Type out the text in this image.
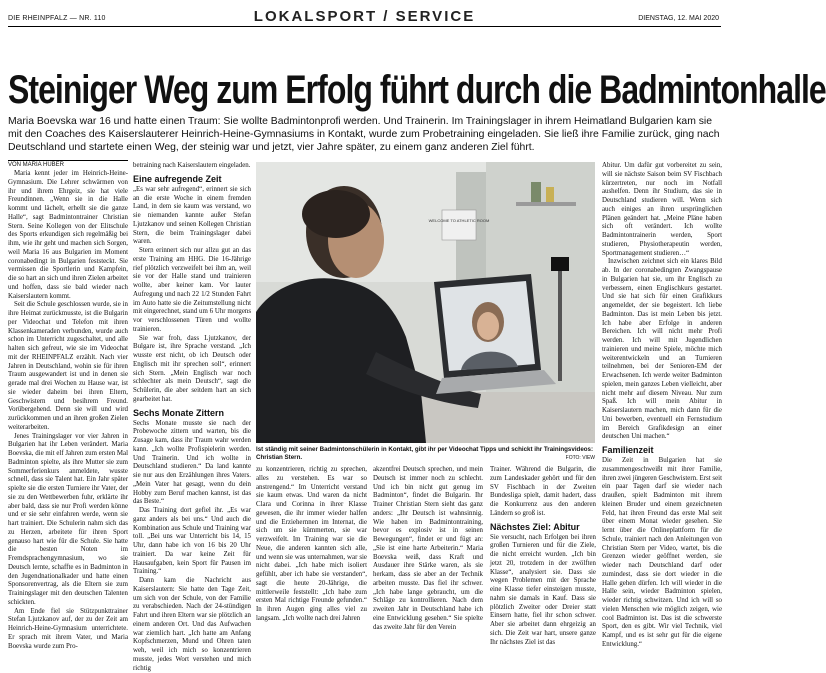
DIE RHEINPFALZ — NR. 110	LOKALSPORT / SERVICE	DIENSTAG, 12. MAI 2020
Steiniger Weg zum Erfolg führt durch die Badmintonhalle
Maria Boevska war 16 und hatte einen Traum: Sie wollte Badmintonprofi werden. Und Trainerin. Im Trainingslager in ihrem Heimatland Bulgarien kam sie mit den Coaches des Kaiserslauterer Heinrich-Heine-Gymnasiums in Kontakt, wurde zum Probetraining eingeladen. Sie ließ ihre Familie zurück, ging nach Deutschland und startete einen Weg, der steinig war und jetzt, vier Jahre später, zu einem ganz anderen Ziel führt.
VON MARIA HUBER

Maria kennt jeder im Heinrich-Heine-Gymnasium. Die Lehrer schwärmen von ihr und ihrem Ehrgeiz, sie hat viele Freundinnen. „Wenn sie in die Halle kommt und lächelt, erhellt sie die ganze Halle“, sagt Badmintontrainer Christian Stern. Seine Kollegen von der Elitschule des Sports erkundigen sich regelmäßig bei ihm, wie ihr geht und machen sich Sorgen, weil Maria 16 aus Bulgarien im Moment coronabedingt in Bulgarien feststeckt. Sie vermissen die Sportlerin und Kampfein, die so hart an sich und ihren Zielen arbeitet und hoffen, dass sie bald wieder nach Kaiserslautern kommt.

Seit die Schule geschlossen wurde, sie in ihre Heimat zurückmusste, ist die Bulgarin per Videochat und Telefon mit ihren Klassenkameraden verbunden, wurde auch schon im Unterricht zugeschaltet, und alle halten sich gefreut, wie sie im Videochat mit der RHEINPFALZ erzählt. Nach vier Jahren in Deutschland, wohin sie für ihren Traum ausgewandert ist und in denen sie gerade mal drei Wochen zu Hause war, ist sie wieder daheim bei ihren Eltern, Geschwistern und besihrem Freund. Vorübergehend. Denn sie will und wird zurückkommen und an ihren großen Zielen weiterarbeiten.

Jenes Trainingslager vor vier Jahren in Bulgarien hat ihr Leben verändert. Maria Boevska, die mit elf Jahren zum ersten Mal Badminton spielte, als ihre Mutter sie zum Sommerferienkurs anmeldete, wusste schnell, dass sie Talent hat. Ein Jahr später spielte sie die ersten Turniere ihr Vater, der sie zu den Wettbewerben fuhr, erklärte ihr aber bald, dass sie nur Profi werden könne und er sie sehr einfahren werde, wenn sie hart trainiert. Die Schulerin nahm sich das zu Herzen, arbeitete für ihren Sport genauso hart wie für die Schule. Sie hatte die besten Noten im Fremdsprachengymnasium, wo sie Deutsch lernte, schaffte es in Badminton in den Jugendnationalkader und hatte einen Sponsorenvertrag, als die Eltern sie zum Trainingslager mit den deutschen Talenten schickten.

Am Ende fiel sie Stützpunkttrainer Stefan Ljutzkanov auf, der zu der Zeit am Heinrich-Heine-Gymnasium unterrichtete. Er sprach mit ihrem Vater, und Maria Boevska wurde zum Pro-

betraining nach Kaiserslautern eingeladen.

Eine aufregende Zeit

„Es war sehr aufregend“, erinnert sie sich an die erste Woche in einem fremden Land, in dem sie kaum was verstand, wo sie niemanden kannte außer Stefan Ljutzkanov und seinen Kollegen Christian Stern, die beim Trainingslager dabei waren.

Stern erinnert sich nur allzu gut an das erste Training am HHG. Die 16-Jährige rief plötzlich verzweifelt bei ihm an, weil sie vor der Halle stand und trainieren wollte, aber keiner kam. Vor lauter Aufregung und nach 22 1/2 Stunden Fahrt im Auto hatte sie die Zeitumstellung nicht mit eingerechnet, stand um 6 Uhr morgens vor verschlossenen Türen und wollte trainieren.

Sie war froh, dass Ljutzkanov, der Bulgare ist, ihre Sprache verstand. „Ich wusste erst nicht, ob ich Deutsch oder Englisch mit ihr sprechen soll“, erinnert sich Stern. „Mein Englisch war noch schlechter als mein Deutsch“, sagt die Schülerin, die aber seitdem hart an sich gearbeitet hat.

Sechs Monate Zittern

Sechs Monate musste sie nach der Probewoche zittern und warten, bis die Zusage kam, dass ihr Traum wahr werden kann. „Ich wollte Profispielerin werden. Und Trainerin. Und ich wollte in Deutschland studieren.“ Da land kannte sie nur aus den Erzählungen ihres Vaters. „Mein Vater hat gesagt, wenn du dein Hobby zum Beruf machen kannst, ist das das Beste.“

Das Training dort gefiel ihr. „Es war ganz anders als bei uns.“ Und auch die Kombination aus Schule und Training war toll. „Bei uns war Unterricht bis 14, 15 Uhr, dann habe ich von 16 bis 20 Uhr trainiert. Da war keine Zeit für Hausaufgaben, kein Sport für Pausen im Training.“

Dann kam die Nachricht aus Kaiserslautern: Sie hatte den Tage Zeit, um sich von der Schule, von der Familie zu verabschieden. Nach der 24-stündigen Fahrt und ihren Eltern war sie plötzlich an einem anderen Ort. Und das Aufwachen war ziemlich hart. „Ich hatte am Anfang Kopfschmerzen, Mund und Ohren taten weh, weil ich mich so konzentrieren musste, jedes Wort verstehen und mich richtig

WELCOME TO ATHLETIC ROOM
Ist ständig mit seiner Badmintonschülerin in Kontakt, gibt ihr per Videochat Tipps und schickt ihr Trainingsvideos: Christian Stern.	FOTO: VIEW

zu konzentrieren, richtig zu sprechen, alles zu verstehen. Es war so anstrengend.“ Im Unterricht verstand sie kaum etwas. Und waren da nicht Clara und Corinna in ihrer Klasse gewesen, die ihr immer wieder halfen und die Erziehernnen im Internat, die sich um sie kümmerten, sie war verzweifelt. Im Training war sie die Neue, die anderen kannten sich alle, und wenn sie was unternahmen, war sie nicht dabei. „Ich habe mich isoliert gefühlt, aber ich habe sie verstanden“, sagt die heute 20-Jährige, die mittlerweile feststellt: „Ich habe zum ersten Mal richtige Freunde gefunden.“ In ihren Augen ging alles viel zu langsam. „Ich wollte nach drei Jahren

akzentfrei Deutsch sprechen, und mein Deutsch ist immer noch zu schlecht. Und ich bin nicht gut genug im Badminton“, findet die Bulgarin. Ihr Trainer Christian Stern sieht das ganz anders: „Ihr Deutsch ist wahnsinnig. Wie haben im Badmintontraining, bevor es explosiv ist in seinen Bewegungen“, findet er und fügt an: „Sie ist eine harte Arbeiterin.“ Maria Boevska weiß, dass Kraft und Ausdauer ihre Stärke waren, als sie herkam, dass sie aber an der Technik arbeiten musste. Das fiel ihr schwer. „Ich habe lange gebraucht, um die Schläge zu kontrollieren. Nach dem zweiten Jahr in Deutschland habe ich eine Entwicklung gesehen.“ Sie spielte das zweite Jahr für den Verein

Trainer. Während die Bulgarin, die zum Landeskader gehört und für den SV Fischbach in der Zweiten Bundesliga spielt, damit hadert, dass die Konkurrenz aus den anderen Ländern so groß ist.

Nächstes Ziel: Abitur

Sie versucht, nach Erfolgen bei ihren großen Turnieren und für die Ziele, die nicht erreicht wurden. „Ich bin jetzt 20, trotzdem in der zwölften Klasse“, analysiert sie. Dass sie wegen Problemen mit der Sprache eine Klasse tiefer einsteigen musste, nahm sie damals in Kauf. Dass sie plötzlich Zweiter oder Dreier statt Einsern hatte, fiel ihr schon schwer. Aber sie arbeitet dann ehrgeizig an sich. Die Zeit war hart, unsere ganze Ihr nächstes Ziel ist das

Abitur. Um dafür gut vorbereitet zu sein, will sie nächste Saison beim SV Fischbach kürzertreten, nur noch im Notfall aushelfen. Denn ihr Studium, das sie in Deutschland studieren will. Wenn sich auch einiges an ihren ursprünglichen Plänen geändert hat. „Meine Pläne haben sich oft verändert. Ich wollte Badmintontrainerin werden, Sport studieren, Physiotherapeutin werden, Sportmanagement studieren…“

Inzwischen zeichnet sich ein klares Bild ab. In der coronabedingten Zwangspause in Bulgarien hat sie, um ihr Englisch zu verbessern, einen Englischkurs gestartet. Und sie hat sich für einen Grafikkurs angemeldet, der sie begeistert. Ich liebe Badminton. Das ist mein Leben bis jetzt. Ich habe aber Erfolge in anderen Bereichen. Ich will nicht mehr Profi werden. Ich will mit Jugendlichen trainieren und meine Spiele, möchte mich weiterentwickeln und an Turnieren teilnehmen, bei der Senioren-EM der Erwachsenen. Ich werde weiter Badminton spielen, mein ganzes Leben vielleicht, aber nicht mehr auf diesem Niveau. Nur zum Spaß. Ich will mein Abitur in Kaiserslautern machen, mich dann für die Uni bewerben, eventuell ein Fernstudium im Bereich Grafikdesign an einer deutschen Uni machen.“

Familienzeit

Die Zeit in Bulgarien hat sie zusammengeschweißt mit ihrer Familie, ihren zwei jüngeren Geschwistern. Erst seit ein paar Tagen darf sie wieder nach draußen, spielt Badminton mit ihrem kleinen Bruder und einem gezeichneten Feld, hat ihren Freund das erste Mal seit über einem Monat wieder gesehen. Sie lernt über die Onlineplattform für die Schule, trainiert nach den Anleitungen von Christian Stern per Video, wartet, bis die Grenzen wieder geöffnet werden, sie wieder nach Deutschland darf oder zumindest, dass sie dort wieder in die Halle gehen dürfen. Ich will wieder in die Halle sein, wieder Badminton spielen, wieder richtig schwitzen. Und ich will so vielen Menschen wie möglich zeigen, wie cool Badminton ist. Das ist die schwerste Sport, den es gibt. Wir viel Technik, viel Kampf, und es ist sehr gut für die eigene Entwicklung.“
